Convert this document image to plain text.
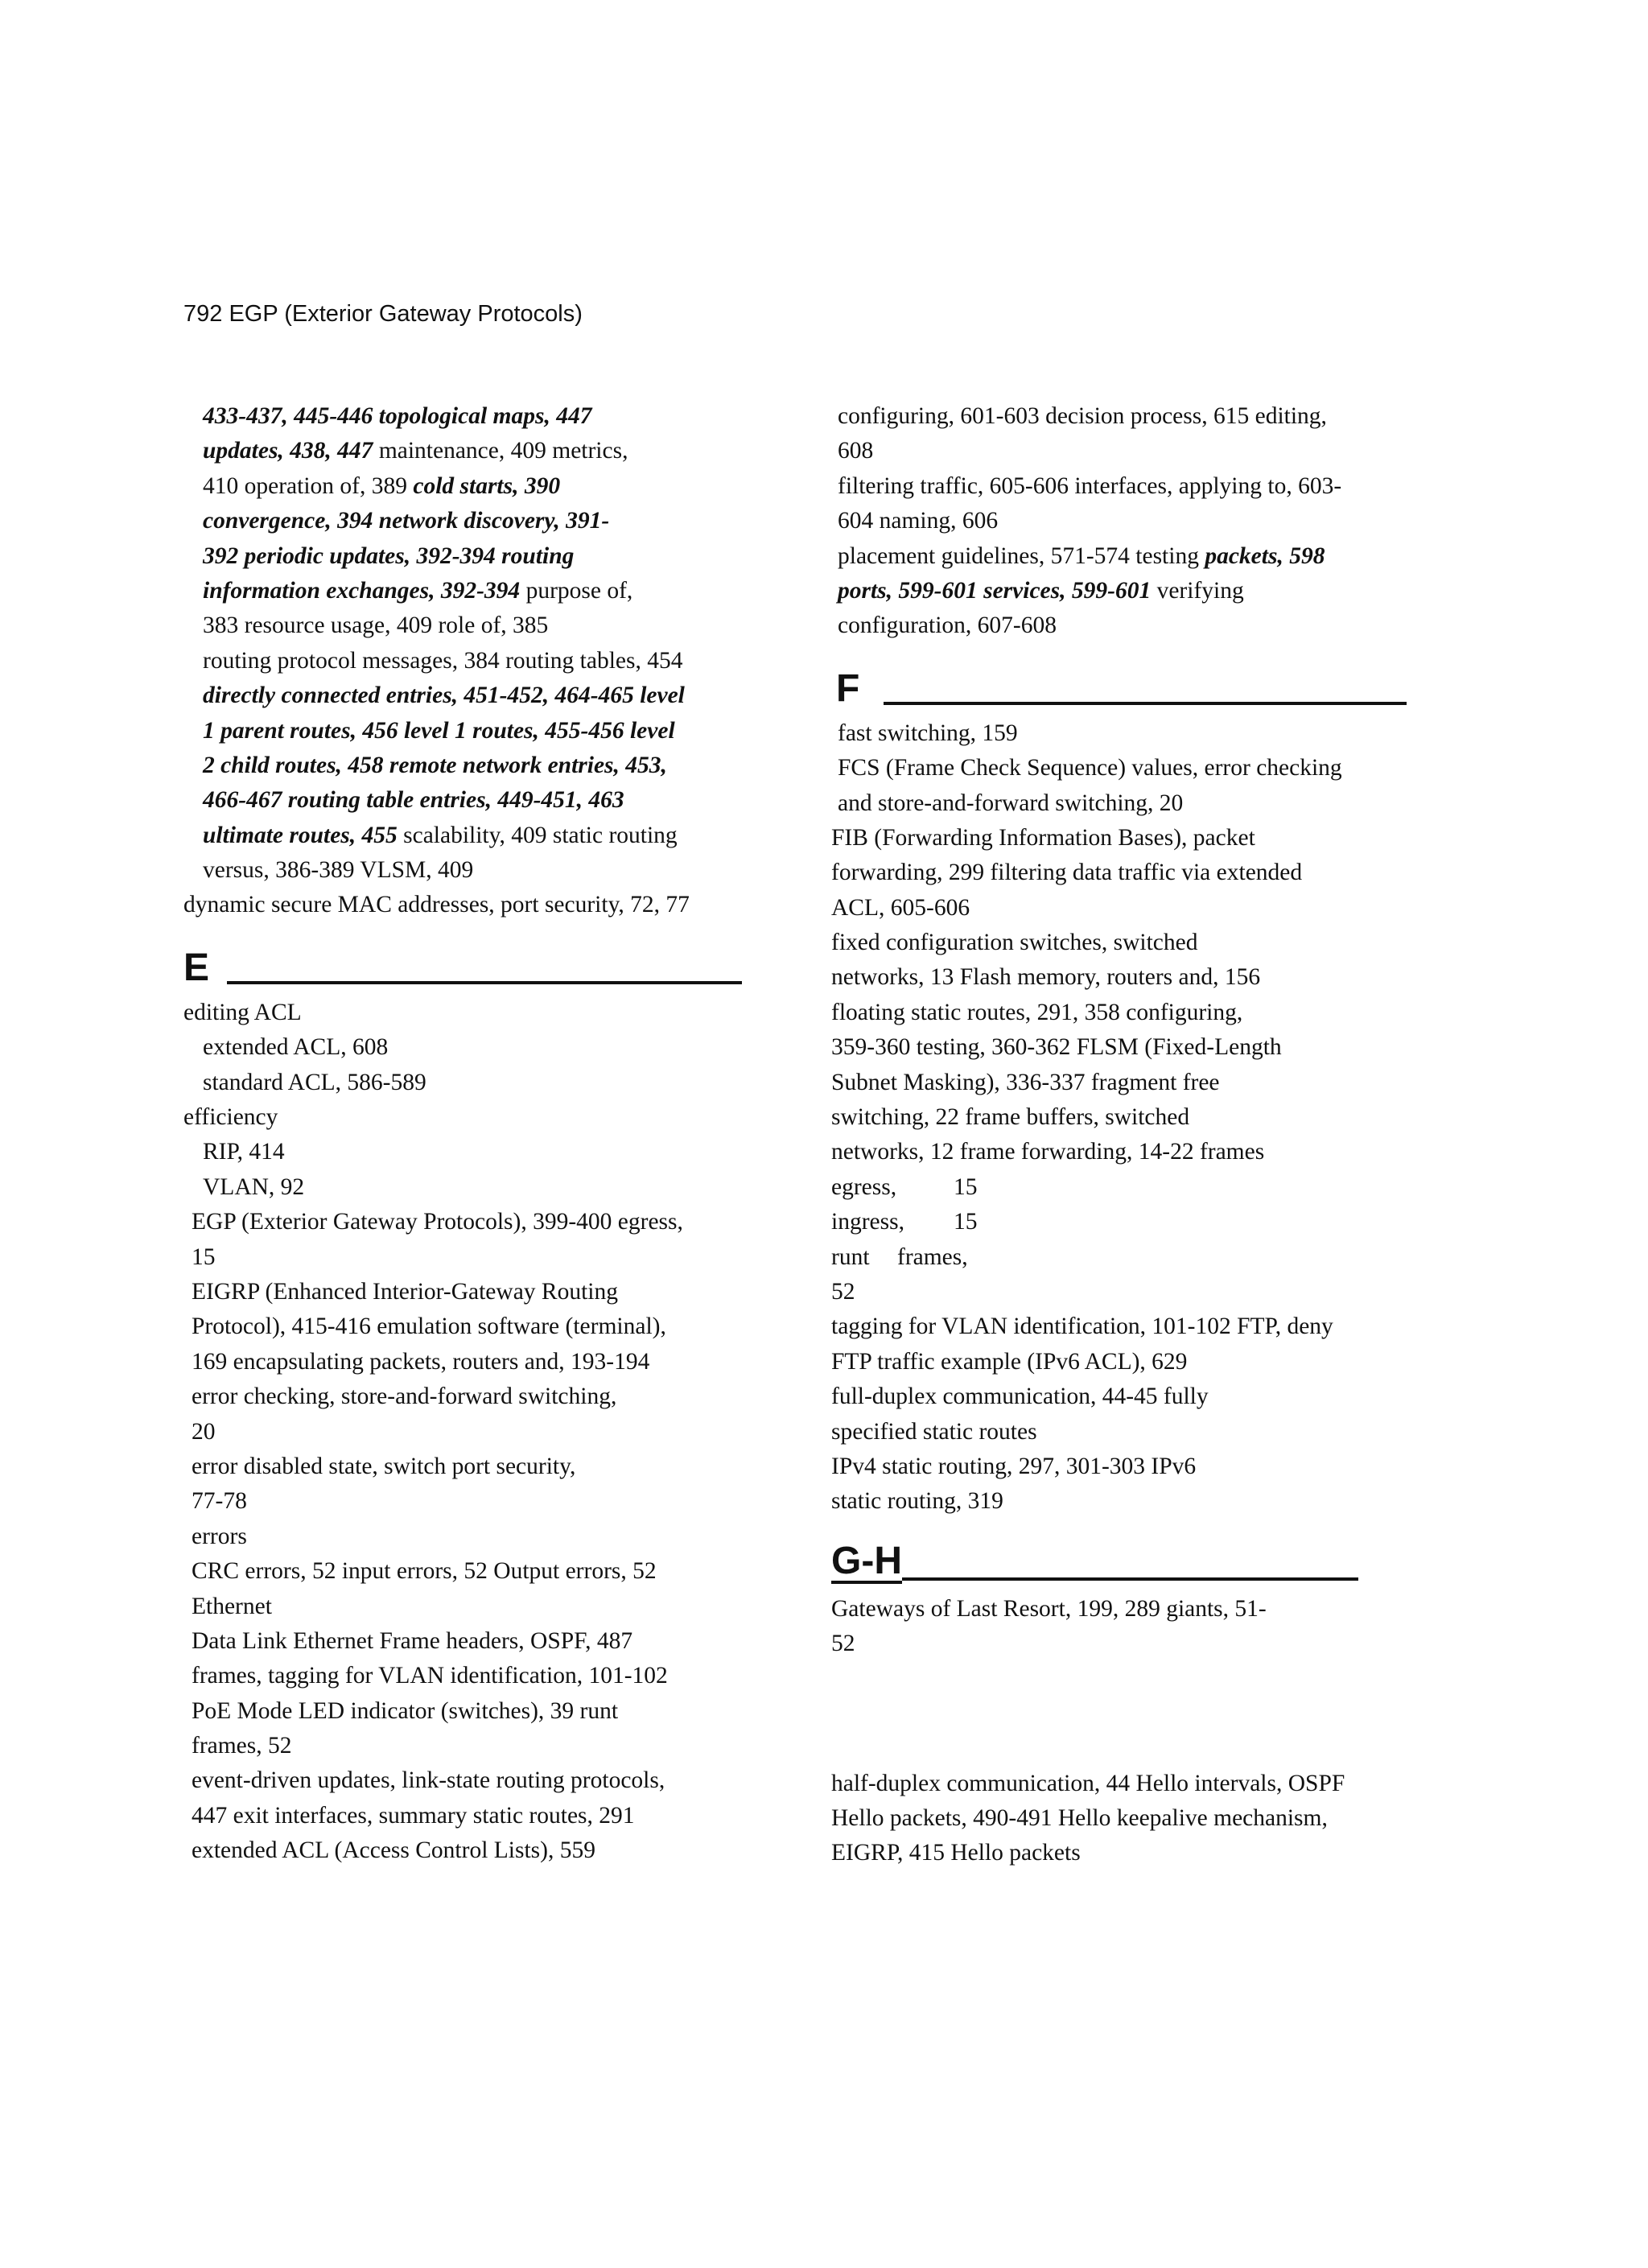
792 EGP (Exterior Gateway Protocols)

433-437, 445-446 topological maps, 447
updates, 438, 447 maintenance, 409 metrics,
410 operation of, 389 cold starts, 390
convergence, 394 network discovery, 391-
392 periodic updates, 392-394 routing
information exchanges, 392-394 purpose of,
383 resource usage, 409 role of, 385
routing protocol messages, 384 routing tables, 454
directly connected entries, 451-452, 464-465 level
1 parent routes, 456 level 1 routes, 455-456 level
2 child routes, 458 remote network entries, 453,
466-467 routing table entries, 449-451, 463
ultimate routes, 455 scalability, 409 static routing
versus, 386-389 VLSM, 409
dynamic secure MAC addresses, port security, 72, 77
E
editing ACL
extended ACL, 608
standard ACL, 586-589
efficiency
RIP, 414
VLAN, 92
EGP (Exterior Gateway Protocols), 399-400 egress,
15
EIGRP (Enhanced Interior-Gateway Routing
Protocol), 415-416 emulation software (terminal),
169 encapsulating packets, routers and, 193-194
error checking, store-and-forward switching,
20
error disabled state, switch port security,
77-78
errors
CRC errors, 52 input errors, 52 Output errors, 52
Ethernet
Data Link Ethernet Frame headers, OSPF, 487
frames, tagging for VLAN identification, 101-102
PoE Mode LED indicator (switches), 39 runt
frames, 52
event-driven updates, link-state routing protocols,
447 exit interfaces, summary static routes, 291
extended ACL (Access Control Lists), 559
configuring, 601-603 decision process, 615 editing,
608
filtering traffic, 605-606 interfaces, applying to, 603-
604 naming, 606
placement guidelines, 571-574 testing packets, 598
ports, 599-601 services, 599-601 verifying
configuration, 607-608
F
fast switching, 159
FCS (Frame Check Sequence) values, error checking
and store-and-forward switching, 20
FIB (Forwarding Information Bases), packet
forwarding, 299 filtering data traffic via extended
ACL, 605-606
fixed configuration switches, switched
networks, 13 Flash memory, routers and, 156
floating static routes, 291, 358 configuring,
359-360 testing, 360-362 FLSM (Fixed-Length
Subnet Masking), 336-337 fragment free
switching, 22 frame buffers, switched
networks, 12 frame forwarding, 14-22 frames
egress, 15
ingress, 15
runt frames,
52
tagging for VLAN identification, 101-102 FTP, deny
FTP traffic example (IPv6 ACL), 629
full-duplex communication, 44-45 fully
specified static routes
IPv4 static routing, 297, 301-303 IPv6
static routing, 319
G-H
Gateways of Last Resort, 199, 289 giants, 51-
52
half-duplex communication, 44 Hello intervals, OSPF
Hello packets, 490-491 Hello keepalive mechanism,
EIGRP, 415 Hello packets
